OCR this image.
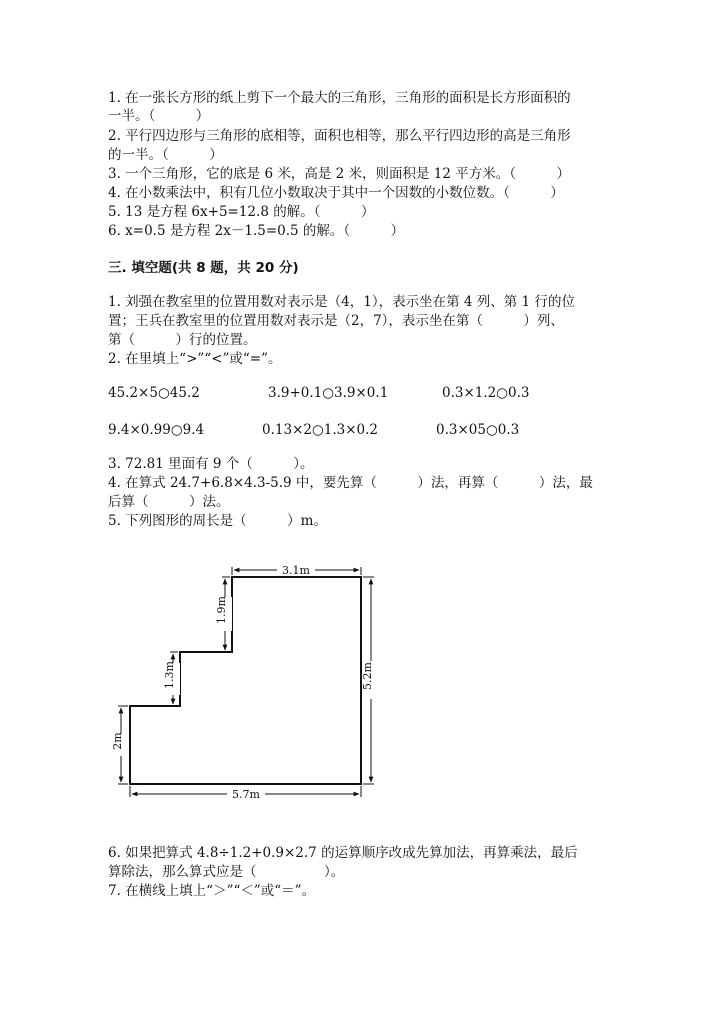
1. 在一张长方形的纸上剪下一个最大的三角形，三角形的面积是长方形面积的
一半。（　　　）
2. 平行四边形与三角形的底相等，面积也相等，那么平行四边形的高是三角形
的一半。（　　　）
3. 一个三角形，它的底是 6 米，高是 2 米，则面积是 12 平方米。（　　　）
4. 在小数乘法中，积有几位小数取决于其中一个因数的小数位数。（　　　）
5. 13 是方程 6x+5=12.8 的解。（　　　）
6. x=0.5 是方程 2x－1.5=0.5 的解。（　　　）
三. 填空题(共 8 题，共 20 分)
1. 刘强在教室里的位置用数对表示是（4，1），表示坐在第 4 列、第 1 行的位
置；王兵在教室里的位置用数对表示是（2，7），表示坐在第（　　　）列、
第（　　　）行的位置。
2. 在里填上“>”“<”或“=”。
45.2×5○45.2	3.9+0.1○3.9×0.1	0.3×1.2○0.3
9.4×0.99○9.4	0.13×2○1.3×0.2	0.3×05○0.3
3. 72.81 里面有 9 个（　　　）。
4. 在算式 24.7+6.8×4.3-5.9 中，要先算（　　　）法，再算（　　　）法，最
后算（　　　）法。
5. 下列图形的周长是（　　　）m。
3.1m
1.9m
1.3m
2m
5.2m
5.7m
6. 如果把算式 4.8÷1.2+0.9×2.7 的运算顺序改成先算加法，再算乘法，最后
算除法，那么算式应是（　　　　　）。
7. 在横线上填上“＞”“＜”或“＝”。
